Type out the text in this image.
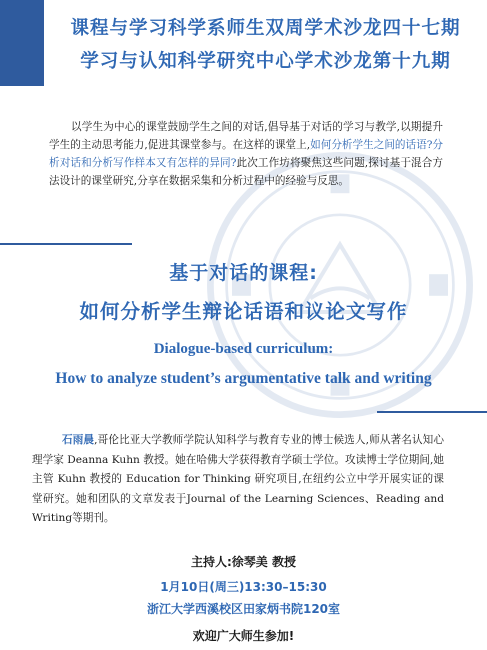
课程与学习科学系师生双周学术沙龙四十七期
学习与认知科学研究中心学术沙龙第十九期
以学生为中心的课堂鼓励学生之间的对话,倡导基于对话的学习与教学,以期提升学生的主动思考能力,促进其课堂参与。在这样的课堂上,如何分析学生之间的话语?分析对话和分析写作样本又有怎样的异同?此次工作坊将聚焦这些问题,探讨基于混合方法设计的课堂研究,分享在数据采集和分析过程中的经验与反思。
基于对话的课程:
如何分析学生辩论话语和议论文写作
Dialogue-based curriculum:
How to analyze student’s argumentative talk and writing
石雨晨,哥伦比亚大学教师学院认知科学与教育专业的博士候选人,师从著名认知心理学家 Deanna Kuhn 教授。她在哈佛大学获得教育学硕士学位。攻读博士学位期间,她主管 Kuhn 教授的 Education for Thinking 研究项目,在纽约公立中学开展实证的课堂研究。她和团队的文章发表于Journal of the Learning Sciences、Reading and Writing等期刊。
主持人:徐琴美 教授
1月10日(周三)13:30–15:30
浙江大学西溪校区田家炳书院120室
欢迎广大师生参加!
